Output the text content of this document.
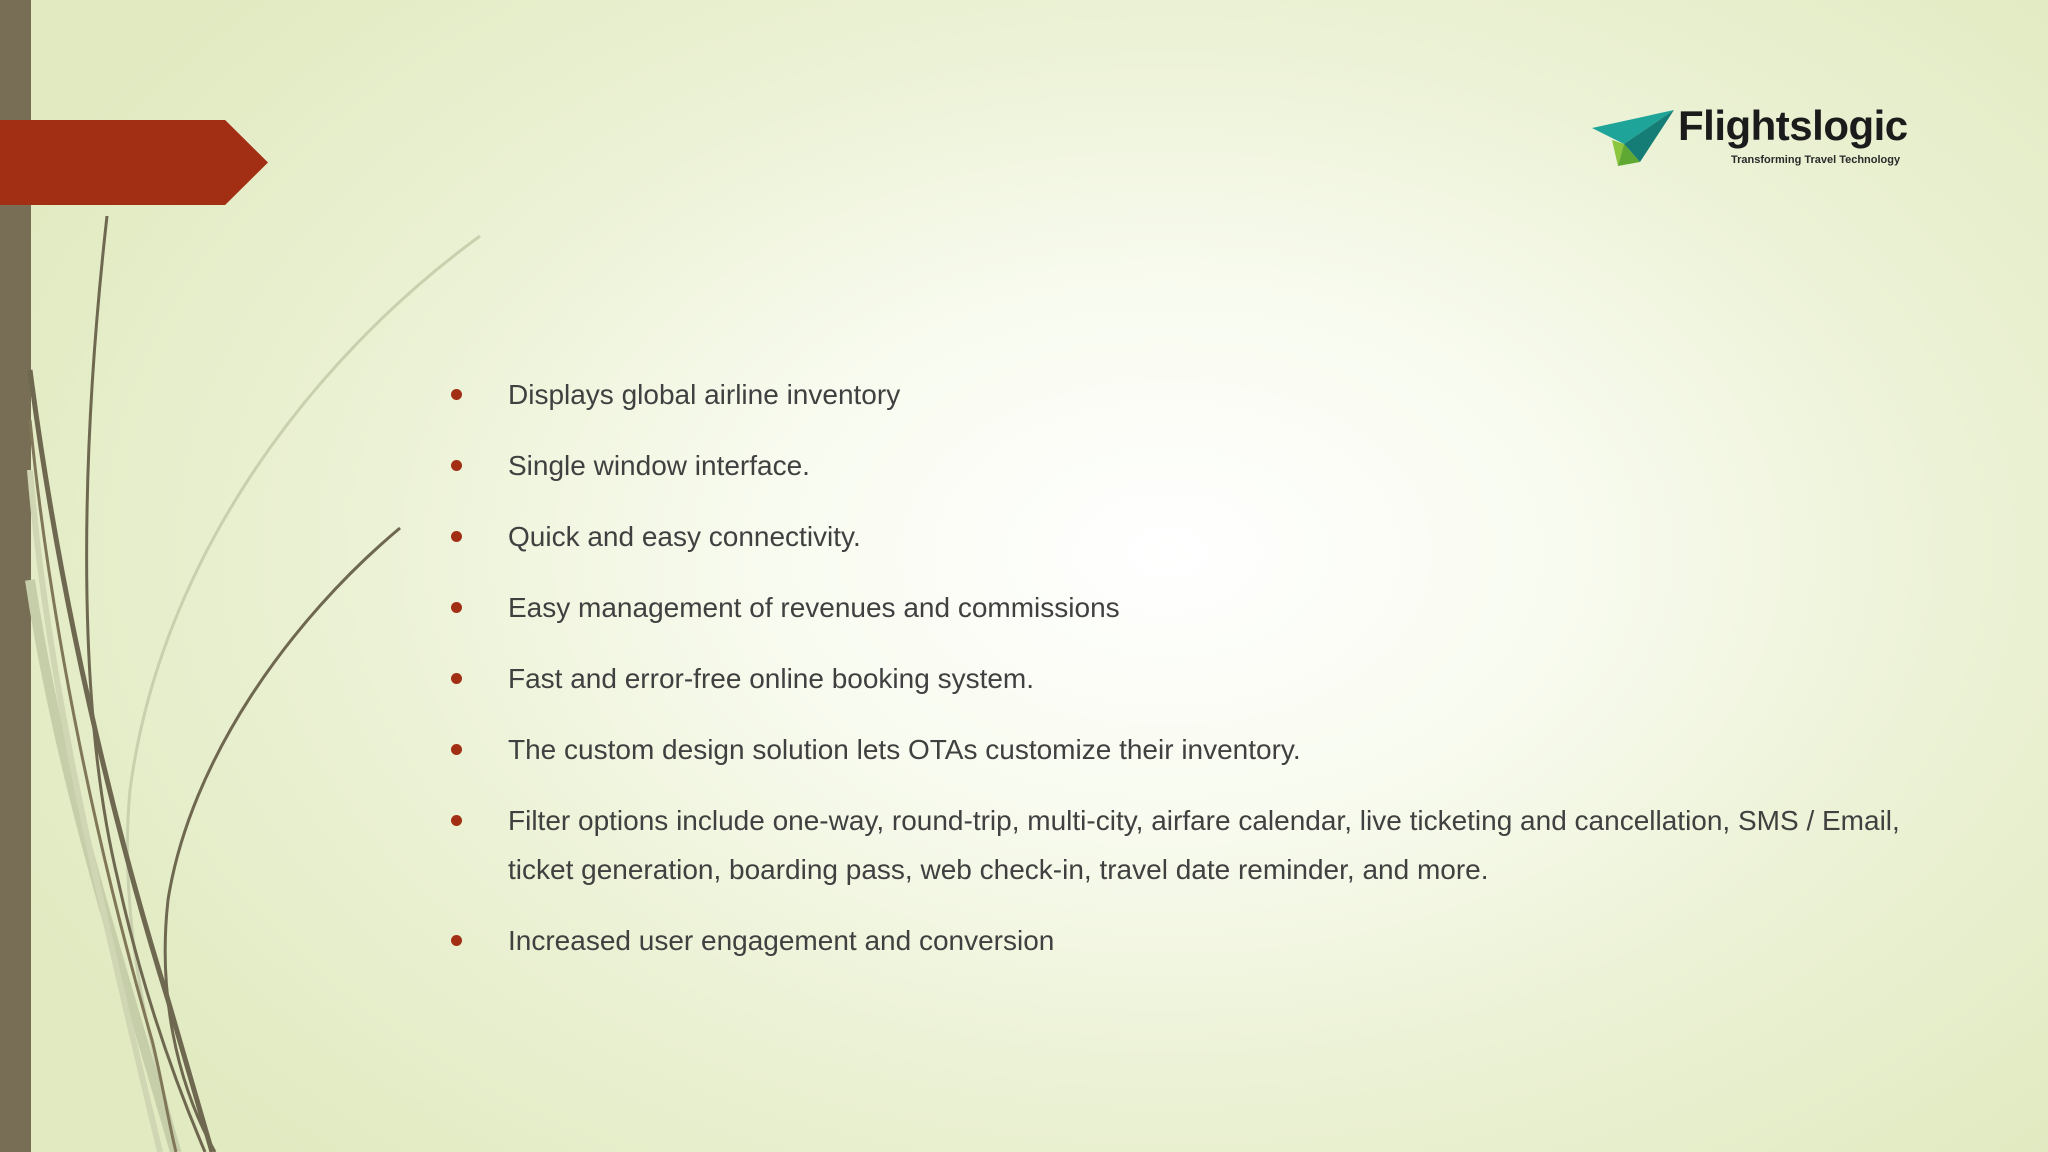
Flightslogic
Transforming Travel Technology
Displays global airline inventory
Single window interface.
Quick and easy connectivity.
Easy management of revenues and commissions
Fast and error-free online booking system.
The custom design solution lets OTAs customize their inventory.
Filter options include one-way, round-trip, multi-city, airfare calendar, live ticketing and cancellation, SMS / Email, ticket generation, boarding pass, web check-in, travel date reminder, and more.
Increased user engagement and conversion
